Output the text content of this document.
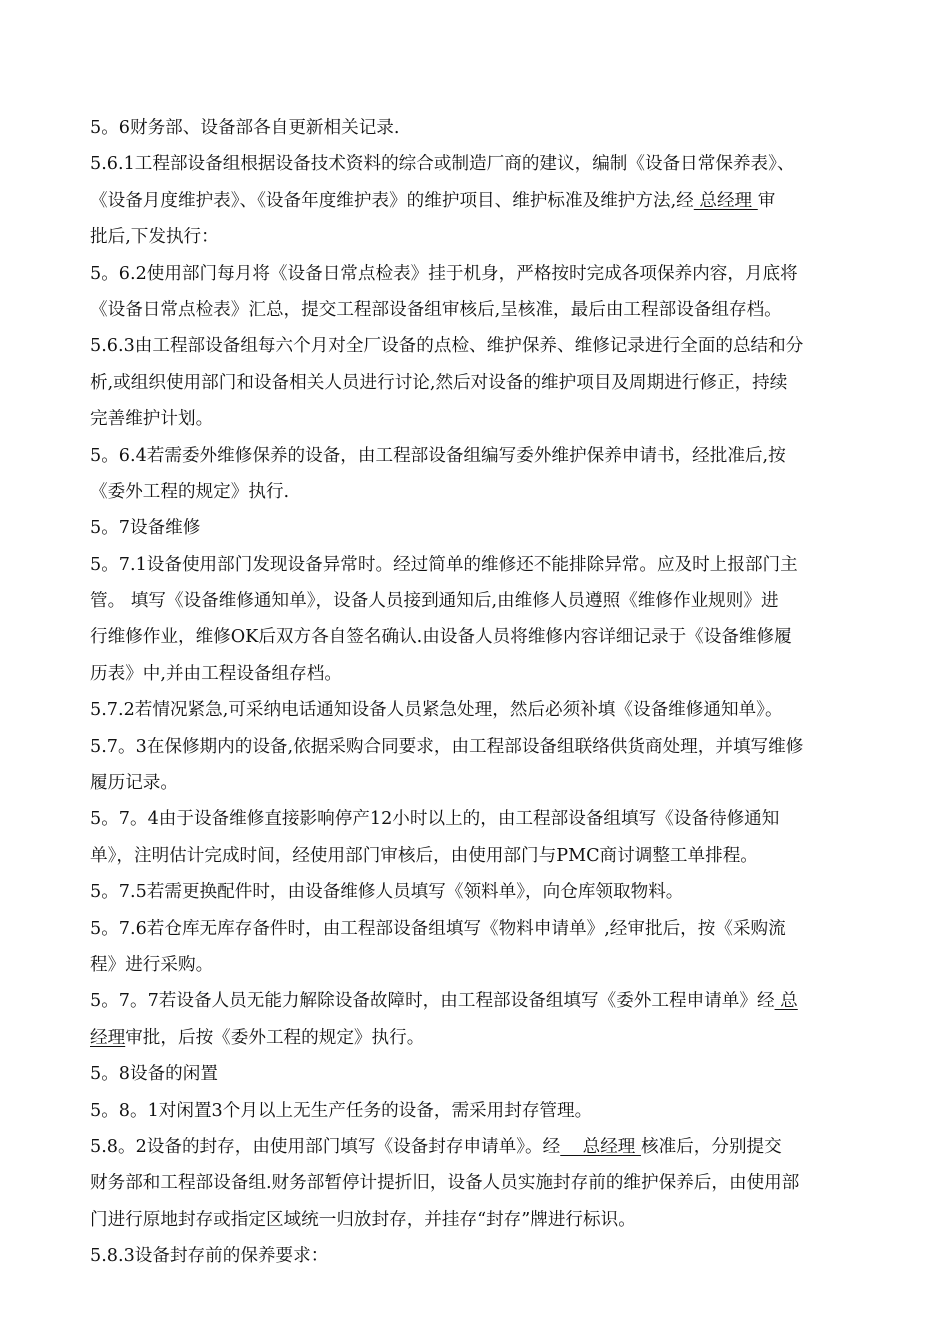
5。6财务部、设备部各自更新相关记录.
5.6.1工程部设备组根据设备技术资料的综合或制造厂商的建议，编制《设备日常保养表》、
《设备月度维护表》、《设备年度维护表》的维护项目、维护标准及维护方法,经 总经理 审
批后,下发执行：
5。6.2使用部门每月将《设备日常点检表》挂于机身，严格按时完成各项保养内容，月底将
《设备日常点检表》汇总，提交工程部设备组审核后,呈核准，最后由工程部设备组存档。
5.6.3由工程部设备组每六个月对全厂设备的点检、维护保养、维修记录进行全面的总结和分
析,或组织使用部门和设备相关人员进行讨论,然后对设备的维护项目及周期进行修正，持续
完善维护计划。
5。6.4若需委外维修保养的设备，由工程部设备组编写委外维护保养申请书，经批准后,按
《委外工程的规定》执行.
5。7设备维修
5。7.1设备使用部门发现设备异常时。经过简单的维修还不能排除异常。应及时上报部门主
管。 填写《设备维修通知单》，设备人员接到通知后,由维修人员遵照《维修作业规则》进
行维修作业，维修OK后双方各自签名确认.由设备人员将维修内容详细记录于《设备维修履
历表》中,并由工程设备组存档。
5.7.2若情况紧急,可采纳电话通知设备人员紧急处理，然后必须补填《设备维修通知单》。
5.7。3在保修期内的设备,依据采购合同要求，由工程部设备组联络供货商处理，并填写维修
履历记录。
5。7。4由于设备维修直接影响停产12小时以上的，由工程部设备组填写《设备待修通知
单》，注明估计完成时间，经使用部门审核后，由使用部门与PMC商讨调整工单排程。
5。7.5若需更换配件时，由设备维修人员填写《领料单》，向仓库领取物料。
5。7.6若仓库无库存备件时，由工程部设备组填写《物料申请单》,经审批后，按《采购流
程》进行采购。
5。7。7若设备人员无能力解除设备故障时，由工程部设备组填写《委外工程申请单》经 总
经理审批，后按《委外工程的规定》执行。
5。8设备的闲置
5。8。1对闲置3个月以上无生产任务的设备，需采用封存管理。
5.8。2设备的封存，由使用部门填写《设备封存申请单》。经    总经理 核准后，分别提交
财务部和工程部设备组.财务部暂停计提折旧，设备人员实施封存前的维护保养后，由使用部
门进行原地封存或指定区域统一归放封存，并挂存“封存”牌进行标识。
5.8.3设备封存前的保养要求：
